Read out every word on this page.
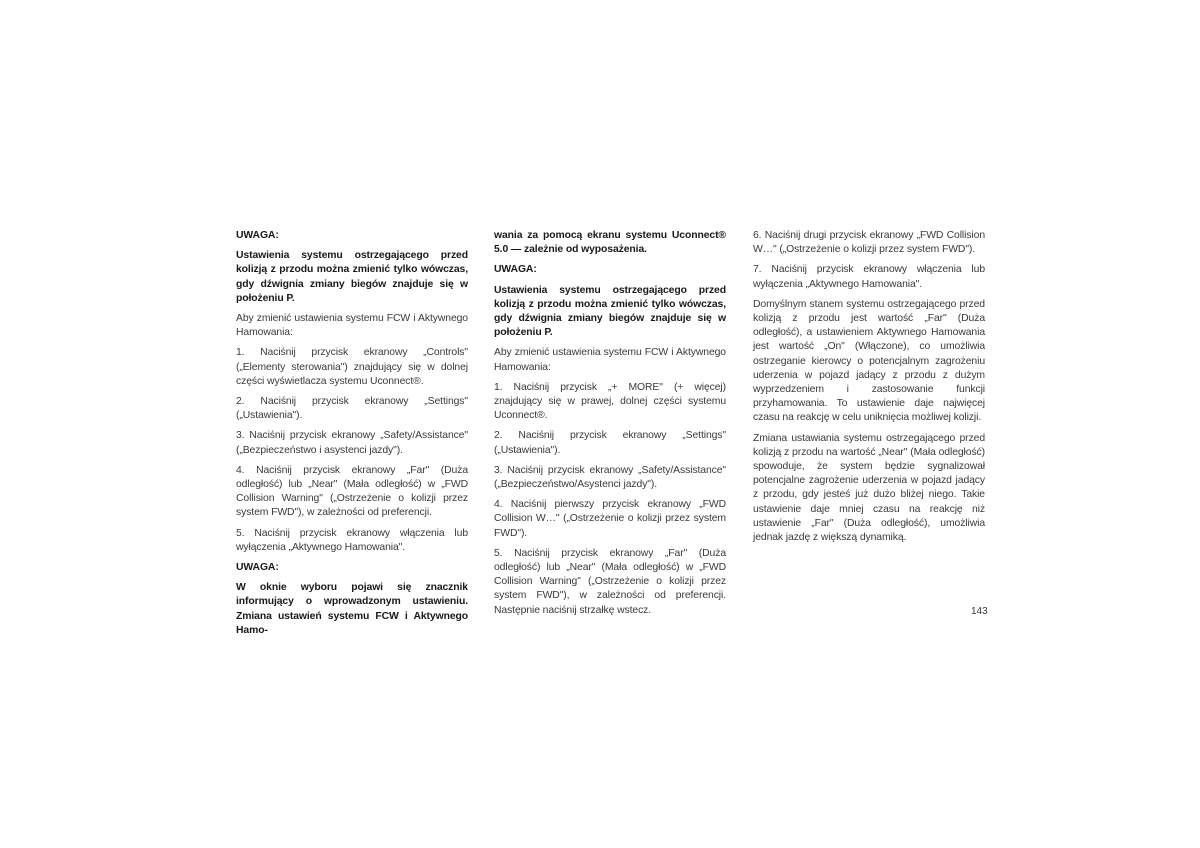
UWAGA:

Ustawienia systemu ostrzegającego przed kolizją z przodu można zmienić tylko wówczas, gdy dźwignia zmiany biegów znajduje się w położeniu P.

Aby zmienić ustawienia systemu FCW i Aktywnego Hamowania:

1. Naciśnij przycisk ekranowy „Controls" („Elementy sterowania") znajdujący się w dolnej części wyświetlacza systemu Uconnect®.

2. Naciśnij przycisk ekranowy „Settings" („Ustawienia").

3. Naciśnij przycisk ekranowy „Safety/Assistance" („Bezpieczeństwo i asystenci jazdy").

4. Naciśnij przycisk ekranowy „Far" (Duża odległość) lub „Near" (Mała odległość) w „FWD Collision Warning" („Ostrzeżenie o kolizji przez system FWD"), w zależności od preferencji.

5. Naciśnij przycisk ekranowy włączenia lub wyłączenia „Aktywnego Hamowania".

UWAGA:

W oknie wyboru pojawi się znacznik informujący o wprowadzonym ustawieniu. Zmiana ustawień systemu FCW i Aktywnego Hamo-

wania za pomocą ekranu systemu Uconnect® 5.0 — zależnie od wyposażenia.

UWAGA:

Ustawienia systemu ostrzegającego przed kolizją z przodu można zmienić tylko wówczas, gdy dźwignia zmiany biegów znajduje się w położeniu P.

Aby zmienić ustawienia systemu FCW i Aktywnego Hamowania:

1. Naciśnij przycisk „+ MORE" (+ więcej) znajdujący się w prawej, dolnej części systemu Uconnect®.

2. Naciśnij przycisk ekranowy „Settings" („Ustawienia").

3. Naciśnij przycisk ekranowy „Safety/Assistance" („Bezpieczeństwo/Asystenci jazdy").

4. Naciśnij pierwszy przycisk ekranowy „FWD Collision W…" („Ostrzeżenie o kolizji przez system FWD").

5. Naciśnij przycisk ekranowy „Far" (Duża odległość) lub „Near" (Mała odległość) w „FWD Collision Warning" („Ostrzeżenie o kolizji przez system FWD"), w zależności od preferencji. Następnie naciśnij strzałkę wstecz.

6. Naciśnij drugi przycisk ekranowy „FWD Collision W…" („Ostrzeżenie o kolizji przez system FWD").

7. Naciśnij przycisk ekranowy włączenia lub wyłączenia „Aktywnego Hamowania".

Domyślnym stanem systemu ostrzegającego przed kolizją z przodu jest wartość „Far" (Duża odległość), a ustawieniem Aktywnego Hamowania jest wartość „On" (Włączone), co umożliwia ostrzeganie kierowcy o potencjalnym zagrożeniu uderzenia w pojazd jadący z przodu z dużym wyprzedzeniem i zastosowanie funkcji przyhamowania. To ustawienie daje najwięcej czasu na reakcję w celu uniknięcia możliwej kolizji.

Zmiana ustawiania systemu ostrzegającego przed kolizją z przodu na wartość „Near" (Mała odległość) spowoduje, że system będzie sygnalizował potencjalne zagrożenie uderzenia w pojazd jadący z przodu, gdy jesteś już dużo bliżej niego. Takie ustawienie daje mniej czasu na reakcję niż ustawienie „Far" (Duża odległość), umożliwia jednak jazdę z większą dynamiką.

143
